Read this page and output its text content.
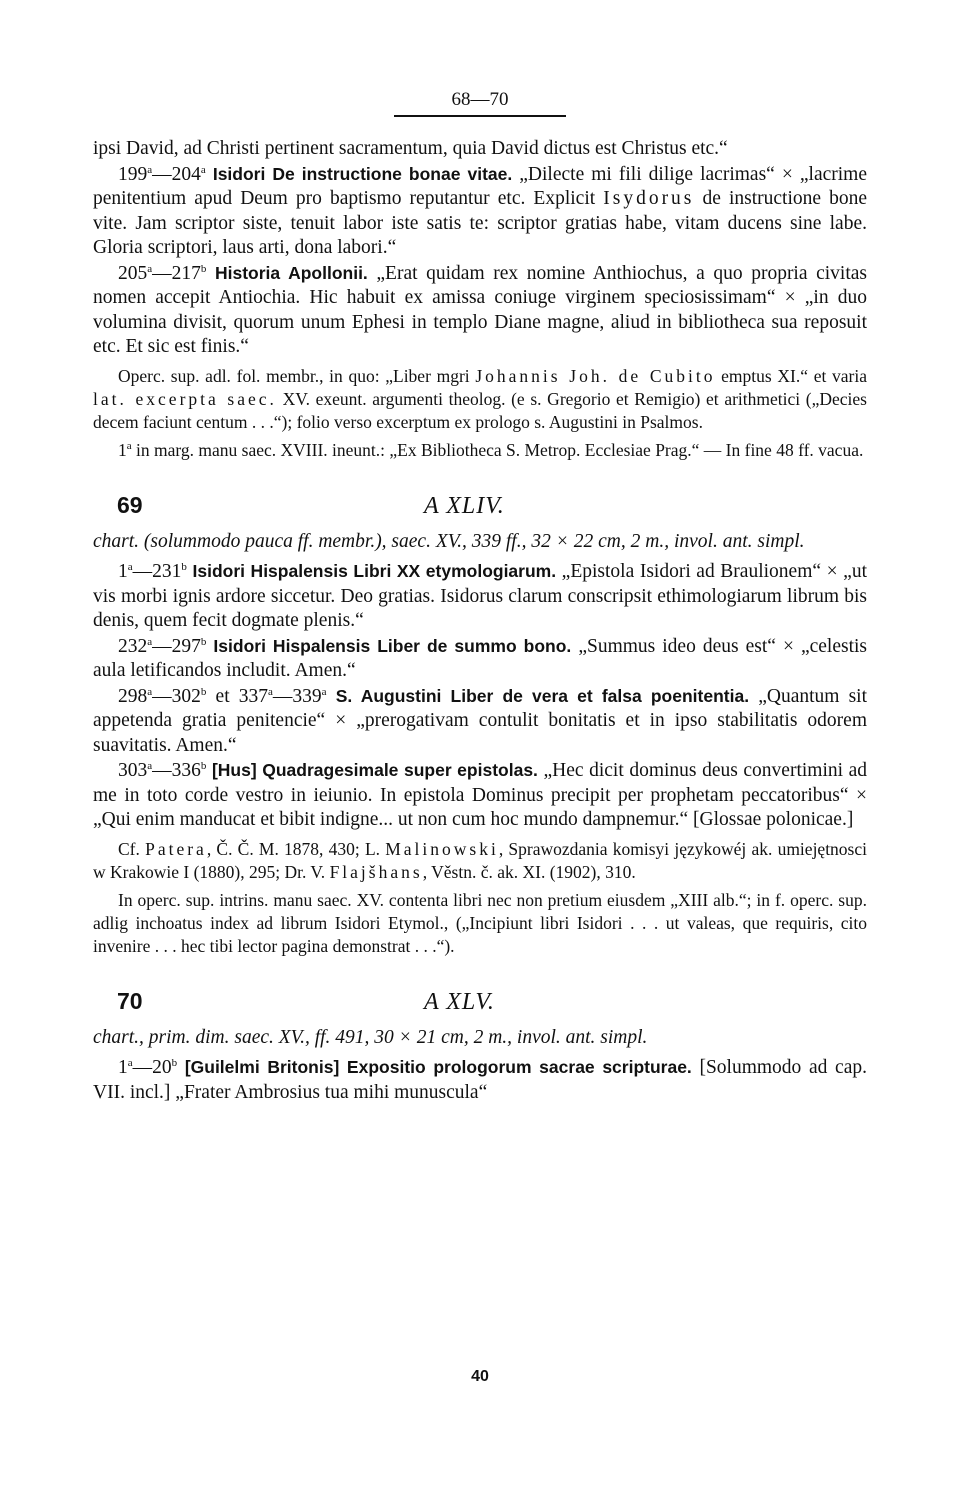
68—70

ipsi David, ad Christi pertinent sacramentum, quia David dictus est Christus etc.“

199$^a$—204$^a$ Isidori De instructione bonae vitae. „Dilecte mi fili dilige lacrimas“ × „lacrime penitentium apud Deum pro baptismo reputantur etc. Explicit Isydorus de instructione bone vite. Jam scriptor siste, tenuit labor iste satis te: scriptor gratias habe, vitam ducens sine labe. Gloria scriptori, laus arti, dona labori.“

205$^a$—217$^b$ Historia Apollonii. „Erat quidam rex nomine Anthiochus, a quo propria civitas nomen accepit Antiochia. Hic habuit ex amissa coniuge virginem speciosissimam“ × „in duo volumina divisit, quorum unum Ephesi in templo Diane magne, aliud in bibliotheca sua reposuit etc. Et sic est finis.“

Operc. sup. adl. fol. membr., in quo: „Liber mgri Johannis Joh. de Cubito emptus XI.“ et varia lat. excerpta saec. XV. exeunt. argumenti theolog. (e s. Gregorio et Remigio) et arithmetici („Decies decem faciunt centum . . .“); folio verso excerptum ex prologo s. Augustini in Psalmos.

1$^a$ in marg. manu saec. XVIII. ineunt.: „Ex Bibliotheca S. Metrop. Ecclesiae Prag.“ — In fine 48 ff. vacua.

69	A XLIV.

chart. (solummodo pauca ff. membr.), saec. XV., 339 ff., 32 × 22 cm, 2 m., invol. ant. simpl.

1$^a$—231$^b$ Isidori Hispalensis Libri XX etymologiarum. „Epistola Isidori ad Braulionem“ × „ut vis morbi ignis ardore siccetur. Deo gratias. Isidorus clarum conscripsit ethimologiarum librum bis denis, quem fecit dogmate plenis.“

232$^a$—297$^b$ Isidori Hispalensis Liber de summo bono. „Summus ideo deus est“ × „celestis aula letificandos includit. Amen.“

298$^a$—302$^b$ et 337$^a$—339$^a$ S. Augustini Liber de vera et falsa poenitentia. „Quantum sit appetenda gratia penitencie“ × „prerogativam contulit bonitatis et in ipso stabilitatis odorem suavitatis. Amen.“

303$^a$—336$^b$ [Hus] Quadragesimale super epistolas. „Hec dicit dominus deus convertimini ad me in toto corde vestro in ieiunio. In epistola Dominus precipit per prophetam peccatoribus“ × „Qui enim manducat et bibit indigne... ut non cum hoc mundo dampnemur.“ [Glossae polonicae.]

Cf. Patera, Č. Č. M. 1878, 430; L. Malinowski, Sprawozdania komisyi językowéj ak. umiejętnosci w Krakowie I (1880), 295; Dr. V. Flajšhans, Věstn. č. ak. XI. (1902), 310.

In operc. sup. intrins. manu saec. XV. contenta libri nec non pretium eiusdem „XIII alb.“; in f. operc. sup. adlig inchoatus index ad librum Isidori Etymol., („Incipiunt libri Isidori . . . ut valeas, que requiris, cito invenire . . . hec tibi lector pagina demonstrat . . .“).

70	A XLV.

chart., prim. dim. saec. XV., ff. 491, 30 × 21 cm, 2 m., invol. ant. simpl.

1$^a$—20$^b$ [Guilelmi Britonis] Expositio prologorum sacrae scripturae. [Solummodo ad cap. VII. incl.] „Frater Ambrosius tua mihi munuscula“

40
